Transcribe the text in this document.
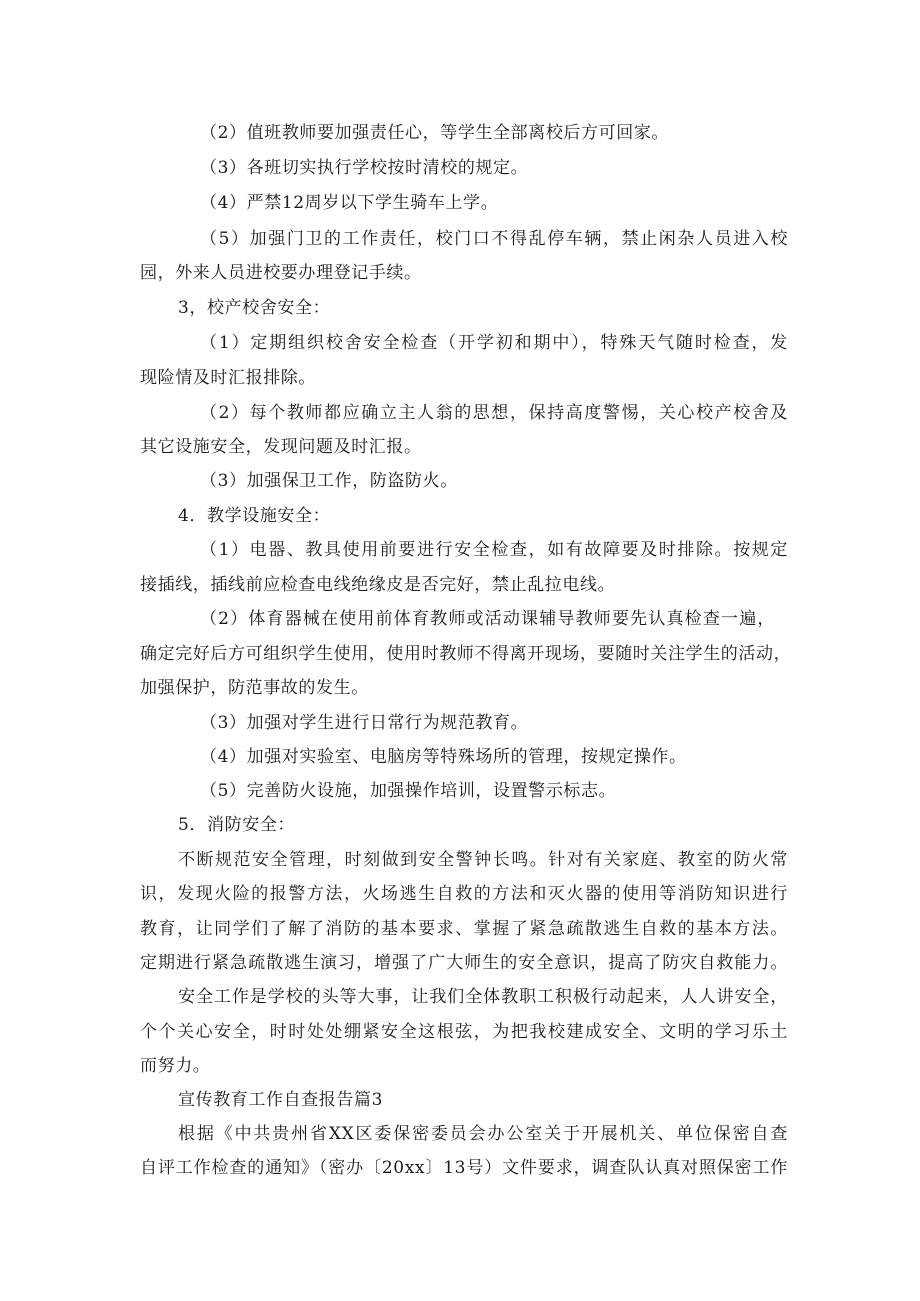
（2）值班教师要加强责任心，等学生全部离校后方可回家。
（3）各班切实执行学校按时清校的规定。
（4）严禁12周岁以下学生骑车上学。
（5）加强门卫的工作责任，校门口不得乱停车辆，禁止闲杂人员进入校
园，外来人员进校要办理登记手续。
3，校产校舍安全：
（1）定期组织校舍安全检查（开学初和期中），特殊天气随时检查，发
现险情及时汇报排除。
（2）每个教师都应确立主人翁的思想，保持高度警惕，关心校产校舍及
其它设施安全，发现问题及时汇报。
（3）加强保卫工作，防盗防火。
4．教学设施安全：
（1）电器、教具使用前要进行安全检查，如有故障要及时排除。按规定
接插线，插线前应检查电线绝缘皮是否完好，禁止乱拉电线。
（2）体育器械在使用前体育教师或活动课辅导教师要先认真检查一遍，
确定完好后方可组织学生使用，使用时教师不得离开现场，要随时关注学生的活动，
加强保护，防范事故的发生。
（3）加强对学生进行日常行为规范教育。
（4）加强对实验室、电脑房等特殊场所的管理，按规定操作。
（5）完善防火设施，加强操作培训，设置警示标志。
5．消防安全：
不断规范安全管理，时刻做到安全警钟长鸣。针对有关家庭、教室的防火常
识，发现火险的报警方法，火场逃生自救的方法和灭火器的使用等消防知识进行
教育，让同学们了解了消防的基本要求、掌握了紧急疏散逃生自救的基本方法。
定期进行紧急疏散逃生演习，增强了广大师生的安全意识，提高了防灾自救能力。
安全工作是学校的头等大事，让我们全体教职工积极行动起来，人人讲安全，
个个关心安全，时时处处绷紧安全这根弦，为把我校建成安全、文明的学习乐土
而努力。
宣传教育工作自查报告篇3
根据《中共贵州省XX区委保密委员会办公室关于开展机关、单位保密自查
自评工作检查的通知》（密办〔20xx〕13号）文件要求，调查队认真对照保密工作
